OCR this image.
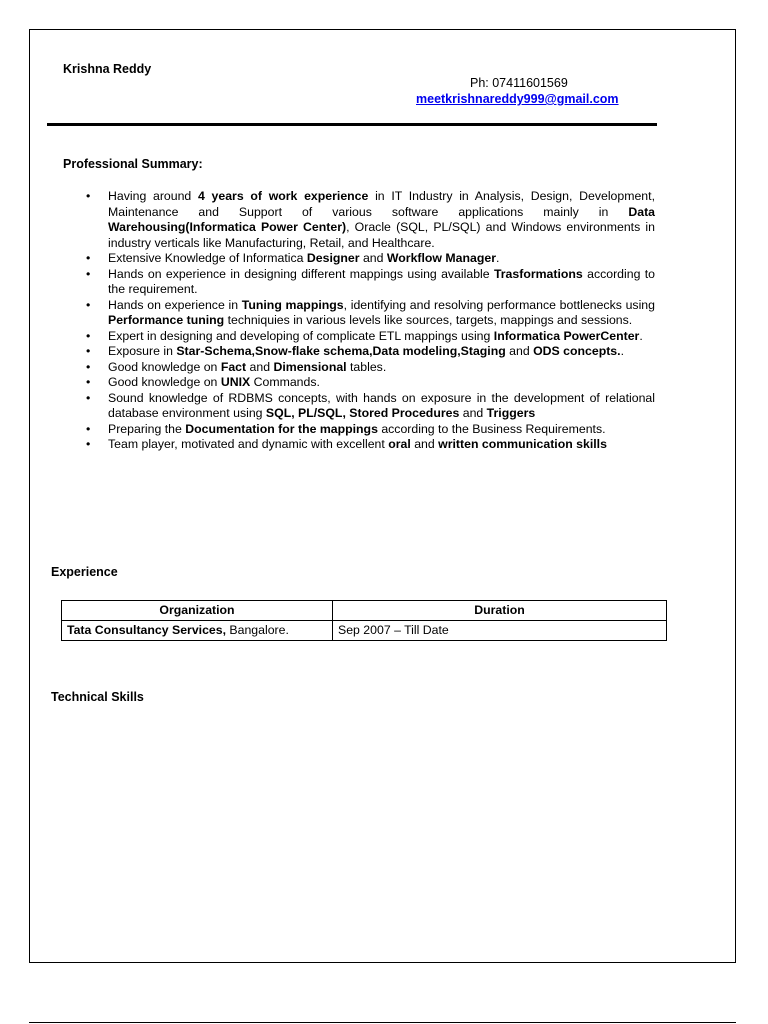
Krishna Reddy
Ph: 07411601569
meetkrishnareddy999@gmail.com
Professional Summary:
• Having around 4 years of work experience in IT Industry in Analysis, Design, Development, Maintenance and Support of various software applications mainly in Data Warehousing(Informatica Power Center), Oracle (SQL, PL/SQL) and Windows environments in industry verticals like Manufacturing, Retail, and Healthcare.
• Extensive Knowledge of Informatica Designer and Workflow Manager.
• Hands on experience in designing different mappings using available Trasformations according to the requirement.
• Hands on experience in Tuning mappings, identifying and resolving performance bottlenecks using Performance tuning techniquies in various levels like sources, targets, mappings and sessions.
• Expert in designing and developing of complicate ETL mappings using Informatica PowerCenter.
• Exposure in Star-Schema,Snow-flake schema,Data modeling,Staging and ODS concepts..
• Good knowledge on Fact and Dimensional tables.
• Good knowledge on UNIX Commands.
• Sound knowledge of RDBMS concepts, with hands on exposure in the development of relational database environment using SQL, PL/SQL, Stored Procedures and Triggers
• Preparing the Documentation for the mappings according to the Business Requirements.
• Team player, motivated and dynamic with excellent oral and written communication skills
Experience
Organization	Duration
Tata Consultancy Services, Bangalore.	Sep 2007 – Till Date
Technical Skills
